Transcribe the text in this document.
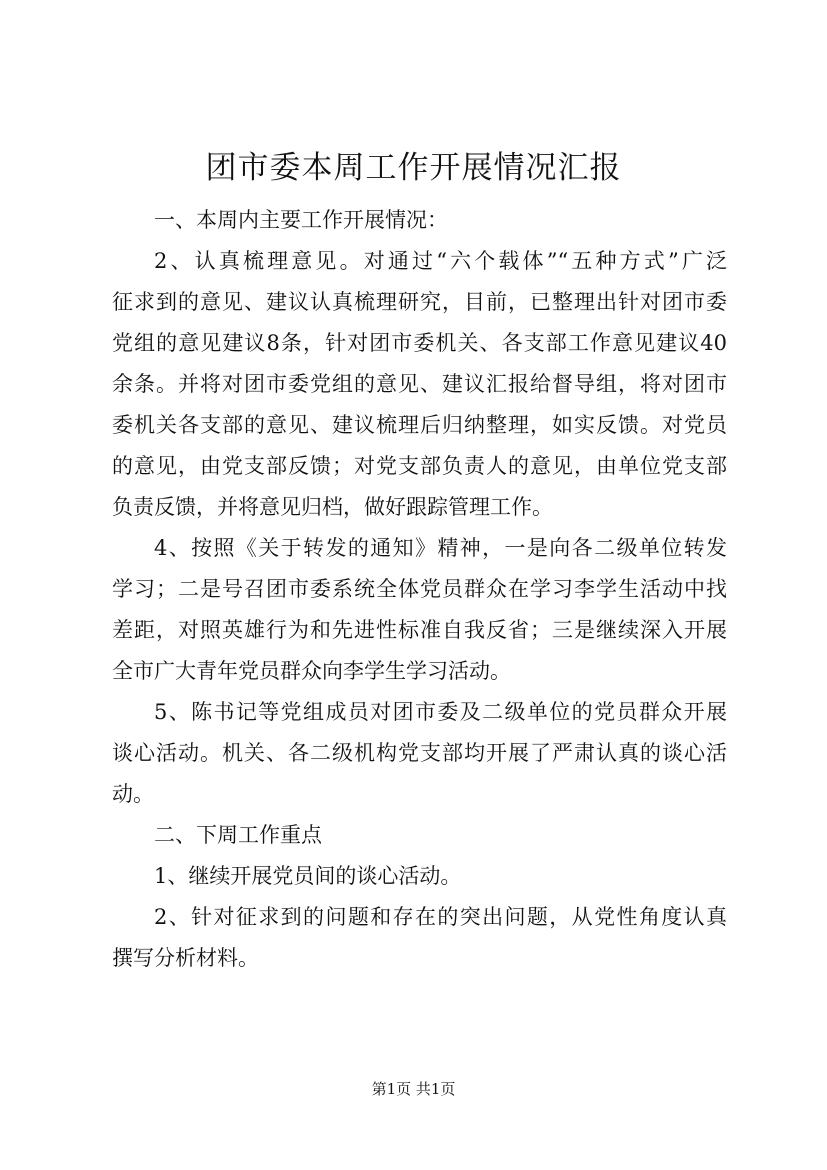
团市委本周工作开展情况汇报
一、本周内主要工作开展情况：
2、认真梳理意见。对通过“六个载体”“五种方式”广泛
征求到的意见、建议认真梳理研究，目前，已整理出针对团市委
党组的意见建议8条，针对团市委机关、各支部工作意见建议40
余条。并将对团市委党组的意见、建议汇报给督导组，将对团市
委机关各支部的意见、建议梳理后归纳整理，如实反馈。对党员
的意见，由党支部反馈；对党支部负责人的意见，由单位党支部
负责反馈，并将意见归档，做好跟踪管理工作。
4、按照《关于转发的通知》精神，一是向各二级单位转发
学习；二是号召团市委系统全体党员群众在学习李学生活动中找
差距，对照英雄行为和先进性标准自我反省；三是继续深入开展
全市广大青年党员群众向李学生学习活动。
5、陈书记等党组成员对团市委及二级单位的党员群众开展
谈心活动。机关、各二级机构党支部均开展了严肃认真的谈心活
动。
二、下周工作重点
1、继续开展党员间的谈心活动。
2、针对征求到的问题和存在的突出问题，从党性角度认真
撰写分析材料。
第1页 共1页
